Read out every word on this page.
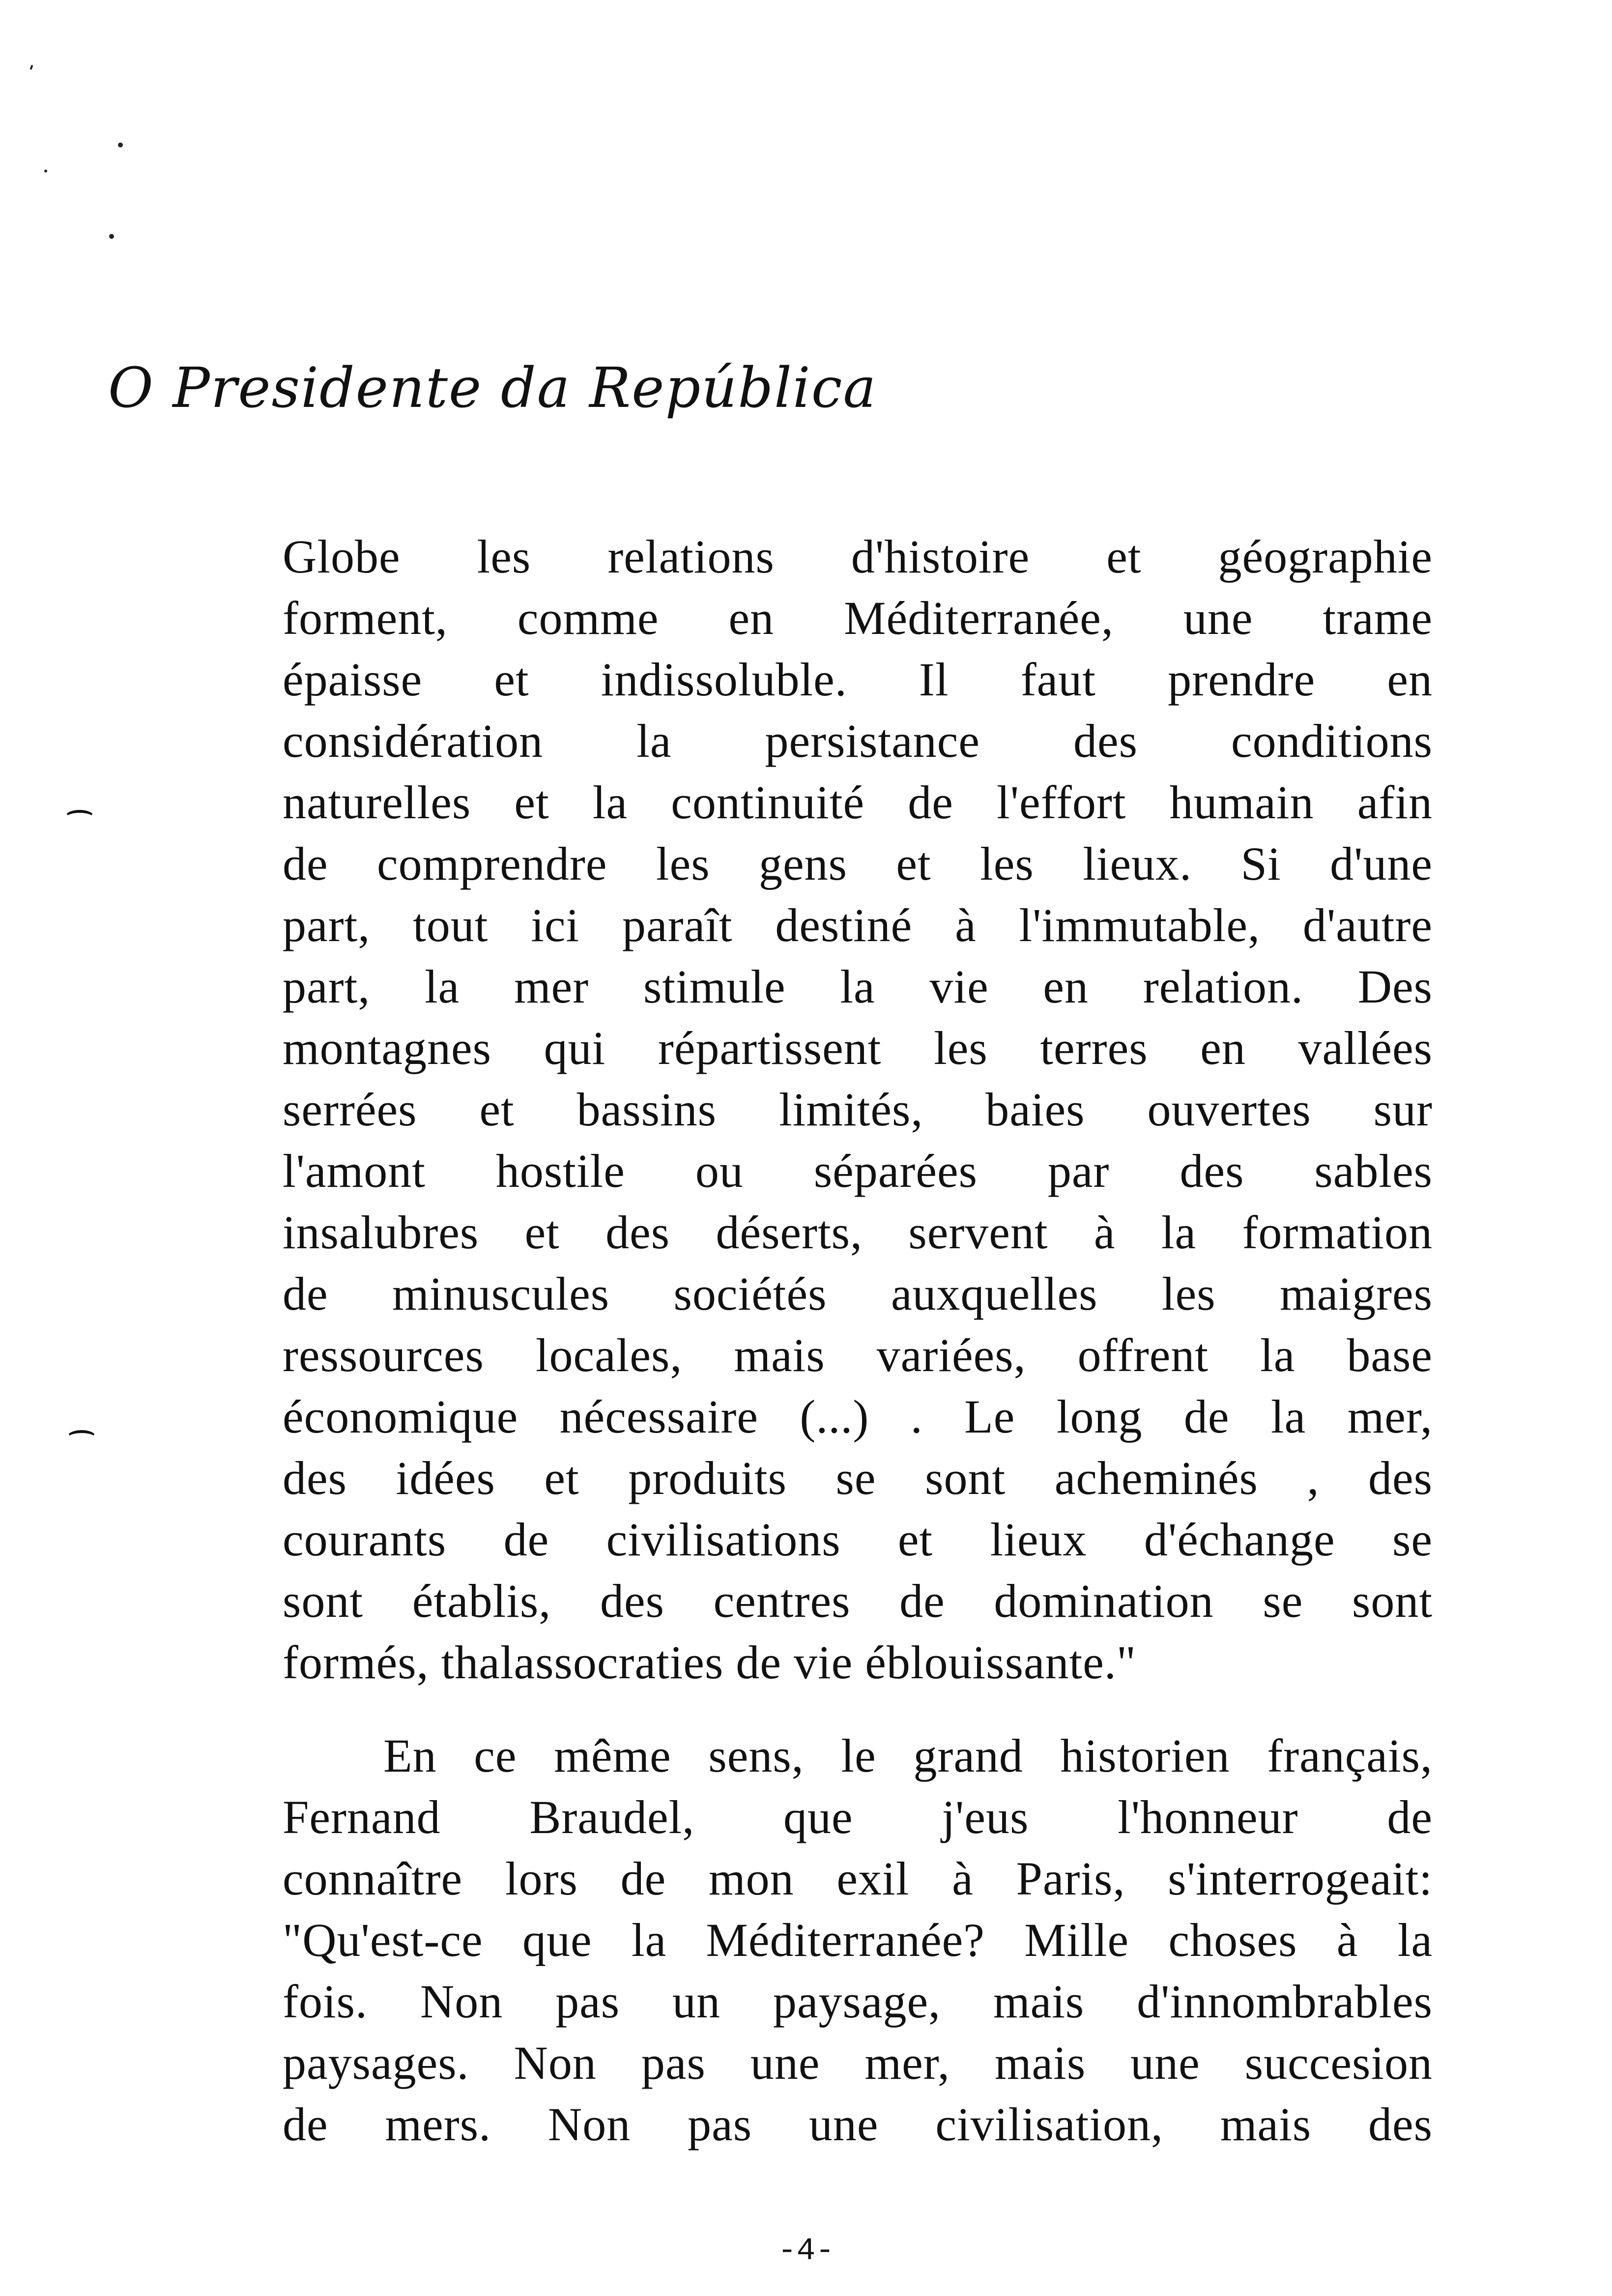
O Presidente da República
Globe les relations d'histoire et géographie
forment, comme en Méditerranée, une trame
épaisse et indissoluble. Il faut prendre en
considération la persistance des conditions
naturelles et la continuité de l'effort humain afin
de comprendre les gens et les lieux. Si d'une
part, tout ici paraît destiné à l'immutable, d'autre
part, la mer stimule la vie en relation. Des
montagnes qui répartissent les terres en vallées
serrées et bassins limités, baies ouvertes sur
l'amont hostile ou séparées par des sables
insalubres et des déserts, servent à la formation
de minuscules sociétés auxquelles les maigres
ressources locales, mais variées, offrent la base
économique nécessaire (...) . Le long de la mer,
des idées et produits se sont acheminés , des
courants de civilisations et lieux d'échange se
sont établis, des centres de domination se sont
formés, thalassocraties de vie éblouissante."
En ce même sens, le grand historien français,
Fernand Braudel, que j'eus l'honneur de
connaître lors de mon exil à Paris, s'interrogeait:
"Qu'est-ce que la Méditerranée? Mille choses à la
fois. Non pas un paysage, mais d'innombrables
paysages. Non pas une mer, mais une succesion
de mers. Non pas une civilisation, mais des
-4-
